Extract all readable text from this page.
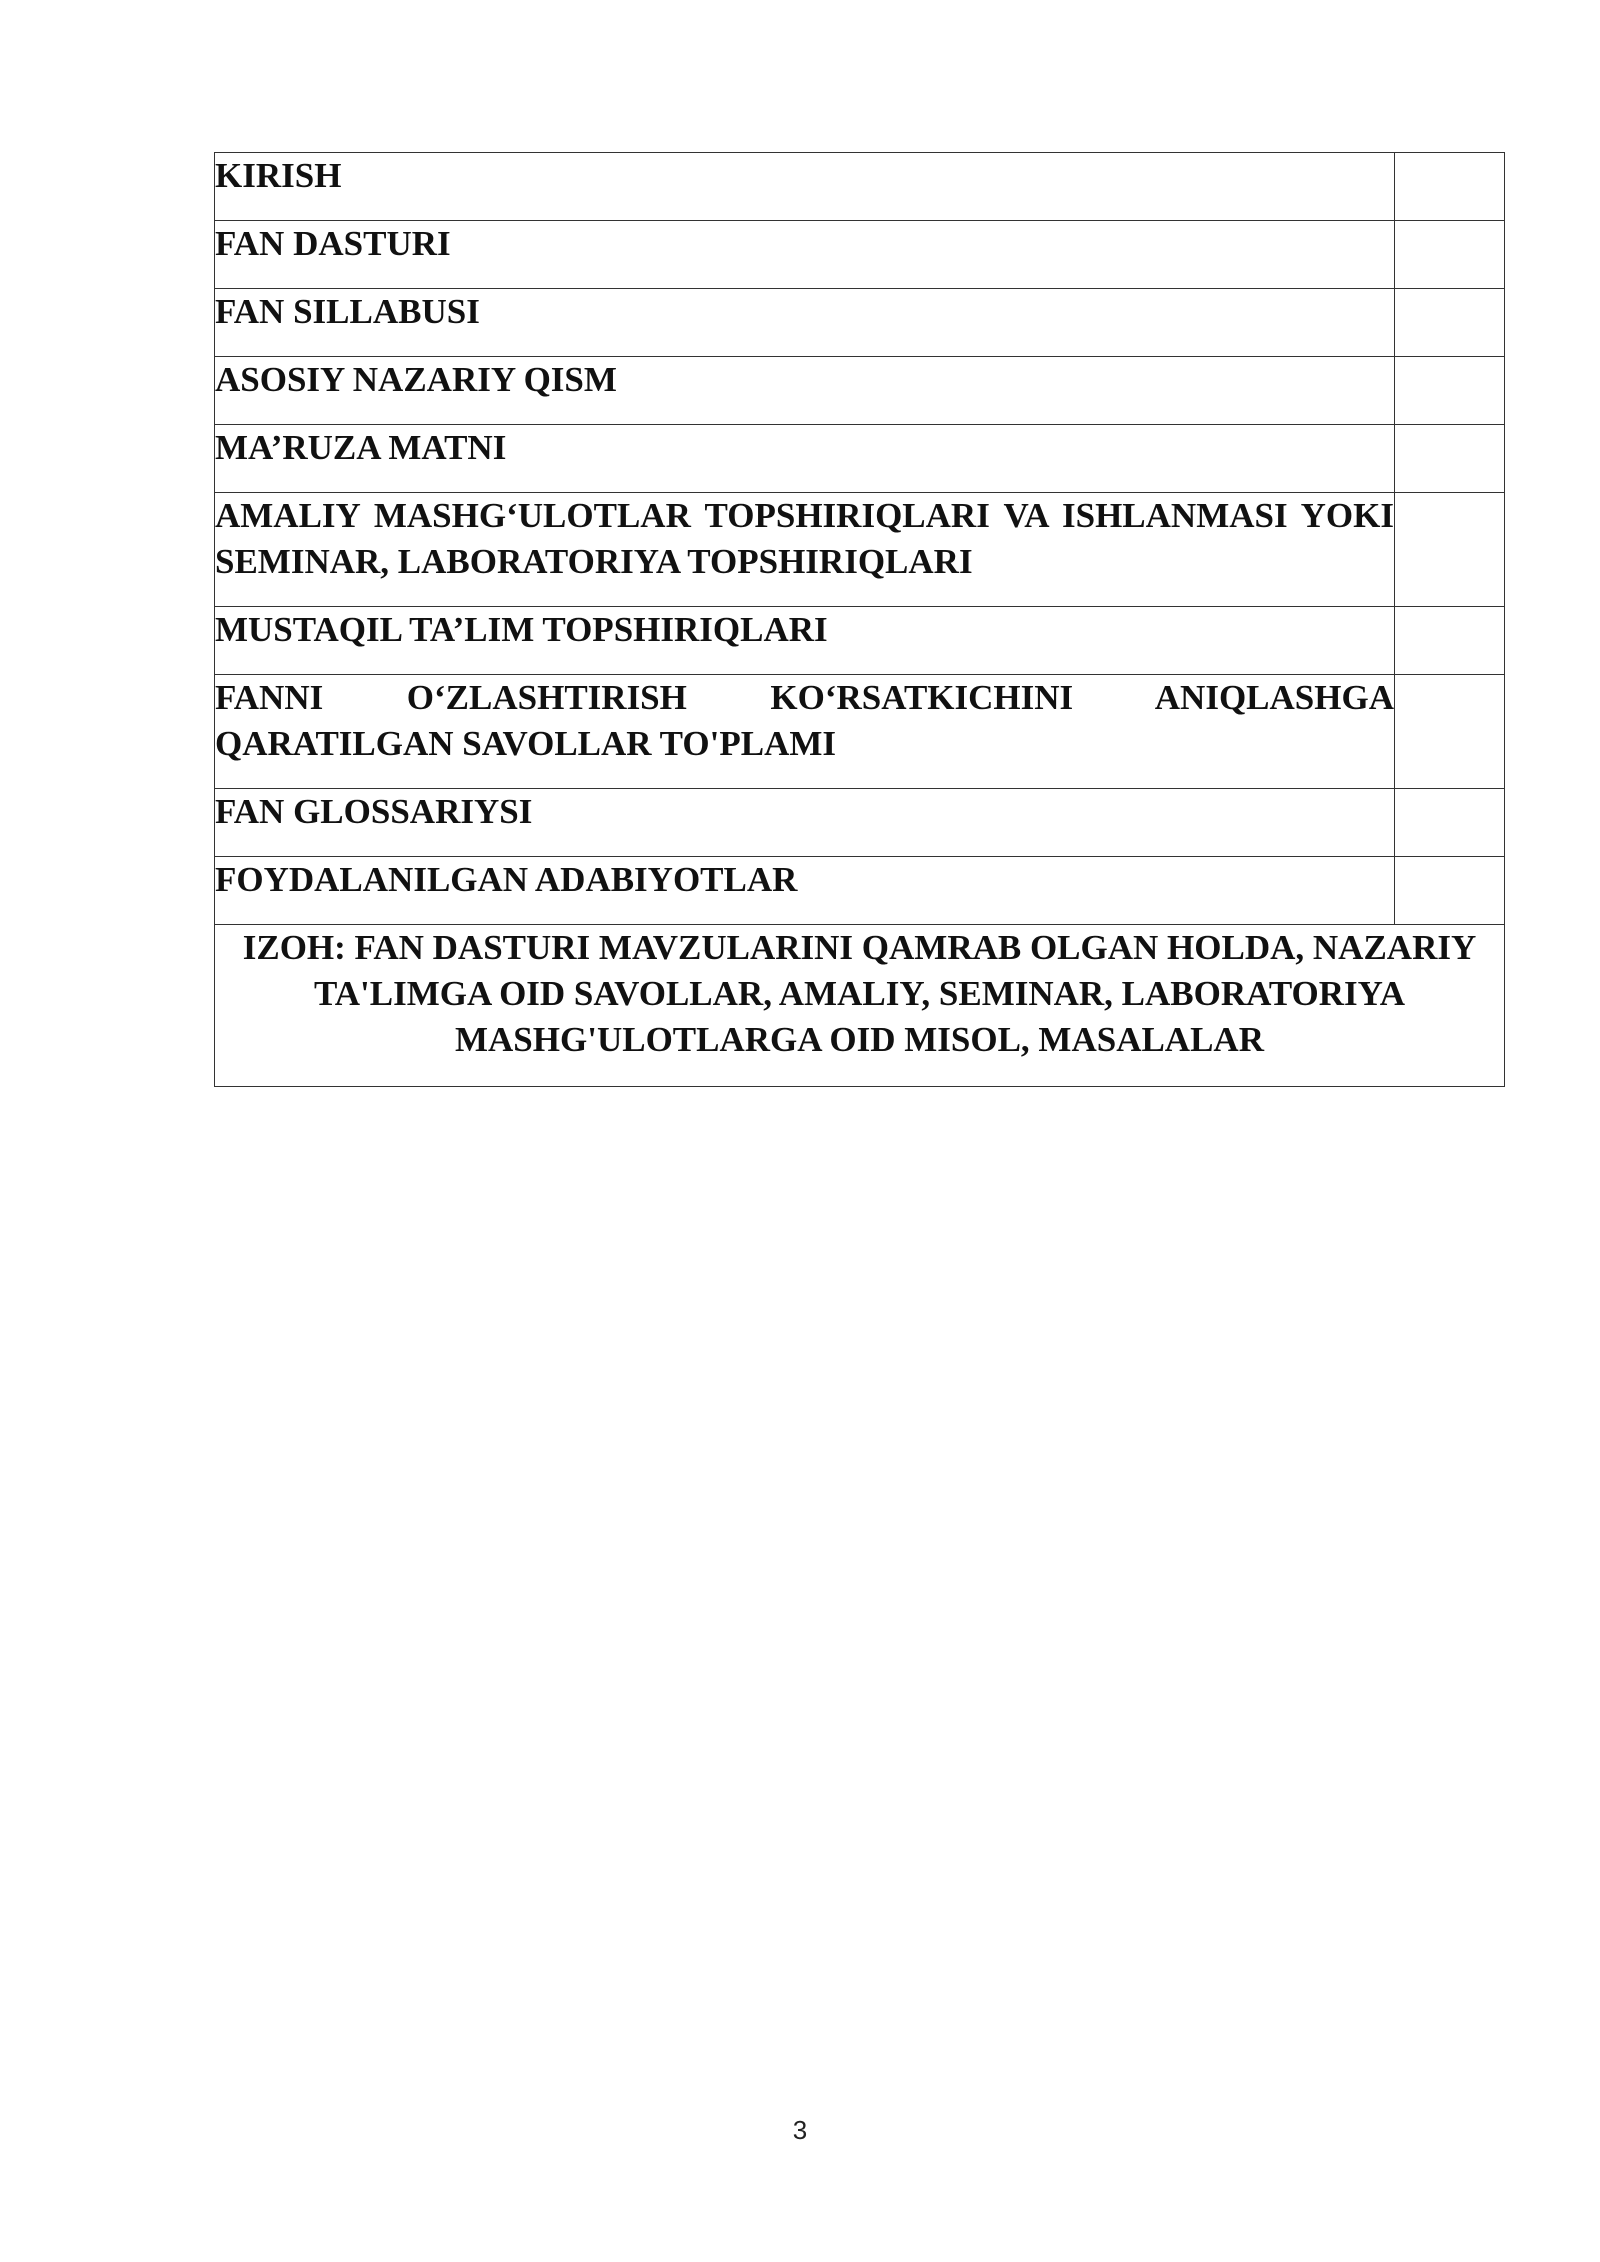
KIRISH	
FAN DASTURI	
FAN SILLABUSI	
ASOSIY NAZARIY QISM	
MA’RUZA MATNI	
AMALIY MASHG‘ULOTLAR TOPSHIRIQLARI VA ISHLANMASI YOKI SEMINAR, LABORATORIYA TOPSHIRIQLARI	
MUSTAQIL TA’LIM TOPSHIRIQLARI	
FANNI O‘ZLASHTIRISH KO‘RSATKICHINI ANIQLASHGA QARATILGAN SAVOLLAR TO'PLAMI	
FAN GLOSSARIYSI	
FOYDALANILGAN ADABIYOTLAR	
IZOH: FAN DASTURI MAVZULARINI QAMRAB OLGAN HOLDA, NAZARIY TA'LIMGA OID SAVOLLAR, AMALIY, SEMINAR, LABORATORIYA MASHG'ULOTLARGA OID MISOL, MASALALAR	
3
